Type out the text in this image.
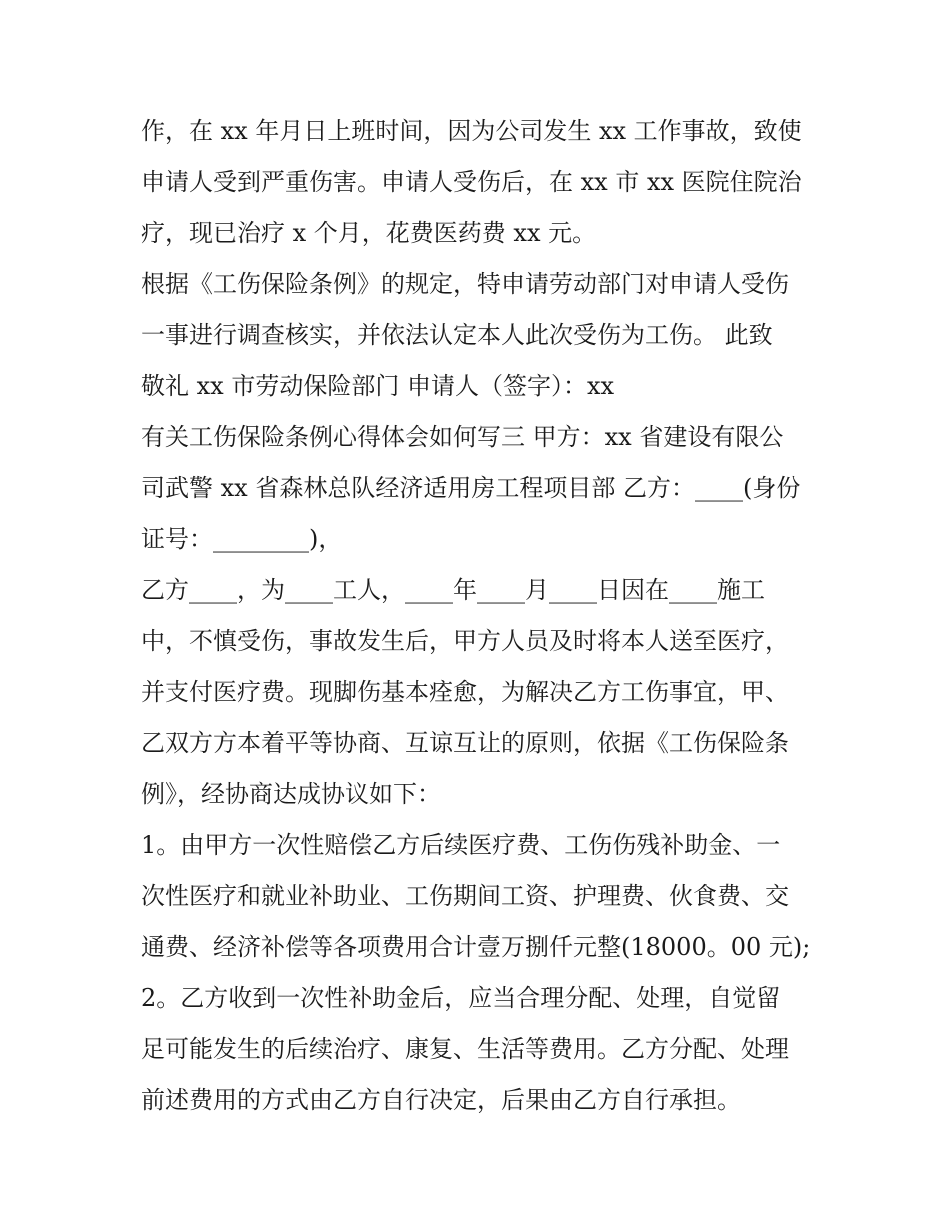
作，在 xx 年月日上班时间，因为公司发生 xx 工作事故，致使
申请人受到严重伤害。申请人受伤后，在 xx 市 xx 医院住院治
疗，现已治疗 x 个月，花费医药费 xx 元。
根据《工伤保险条例》的规定，特申请劳动部门对申请人受伤
一事进行调查核实，并依法认定本人此次受伤为工伤。 此致
敬礼 xx 市劳动保险部门 申请人（签字）：xx
有关工伤保险条例心得体会如何写三 甲方：xx 省建设有限公
司武警 xx 省森林总队经济适用房工程项目部 乙方：____(身份
证号：________)，
乙方____，为____工人，____年____月____日因在____施工
中，不慎受伤，事故发生后，甲方人员及时将本人送至医疗，
并支付医疗费。现脚伤基本痊愈，为解决乙方工伤事宜，甲、
乙双方方本着平等协商、互谅互让的原则，依据《工伤保险条
例》，经协商达成协议如下：
1。由甲方一次性赔偿乙方后续医疗费、工伤伤残补助金、一
次性医疗和就业补助业、工伤期间工资、护理费、伙食费、交
通费、经济补偿等各项费用合计壹万捌仟元整(18000。00 元);
2。乙方收到一次性补助金后，应当合理分配、处理，自觉留
足可能发生的后续治疗、康复、生活等费用。乙方分配、处理
前述费用的方式由乙方自行决定，后果由乙方自行承担。
